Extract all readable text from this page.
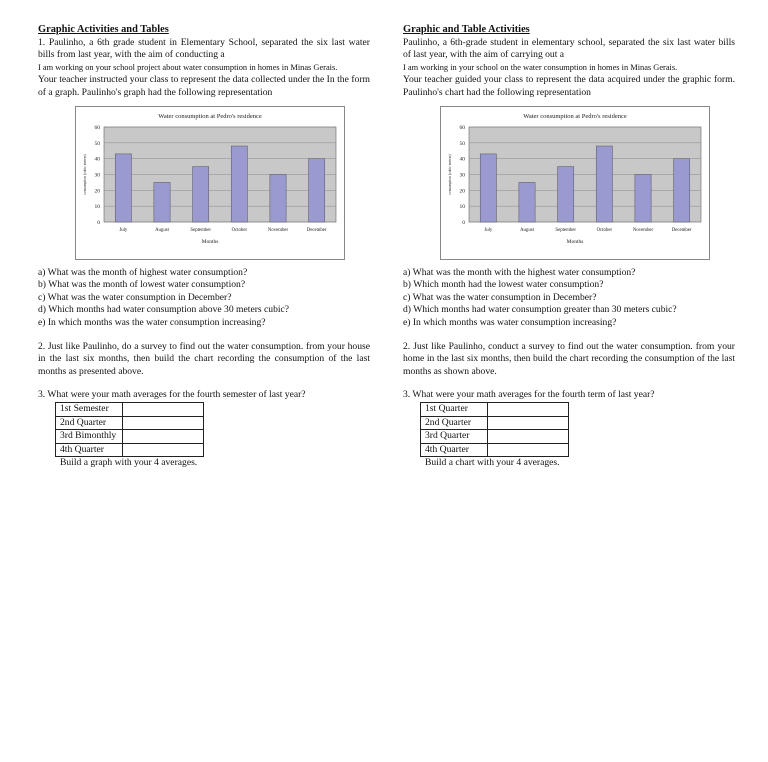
Graphic Activities and Tables
1. Paulinho, a 6th grade student in Elementary School, separated the six last water bills from last year, with the aim of conducting a
I am working on your school project about water consumption in homes in Minas Gerais.
Your teacher instructed your class to represent the data collected under the In the form of a graph. Paulinho's graph had the following representation
Water consumption at Pedro's residence
0
10
20
30
40
50
60
July	August	September	October	November	December
Months
consumption (cubic meters)
a) What was the month of highest water consumption?
b) What was the month of lowest water consumption?
c) What was the water consumption in December?
d) Which months had water consumption above 30 meters cubic?
e) In which months was the water consumption increasing?
2. Just like Paulinho, do a survey to find out the water consumption. from your house in the last six months, then build the chart recording the consumption of the last months as presented above.
3. What were your math averages for the fourth semester of last year?
1st Semester	
2nd Quarter	
3rd Bimonthly	
4th Quarter	
Build a graph with your 4 averages.
Graphic and Table Activities
Paulinho, a 6th-grade student in elementary school, separated the six last water bills of last year, with the aim of carrying out a
I am working in your school on the water consumption in homes in Minas Gerais.
Your teacher guided your class to represent the data acquired under the graphic form. Paulinho's chart had the following representation
Water consumption at Pedro's residence
0
10
20
30
40
50
60
July	August	September	October	November	December
Months
consumption (cubic meters)
a) What was the month with the highest water consumption?
b) Which month had the lowest water consumption?
c) What was the water consumption in December?
d) Which months had water consumption greater than 30 meters cubic?
e) In which months was water consumption increasing?
2. Just like Paulinho, conduct a survey to find out the water consumption. from your home in the last six months, then build the chart recording the consumption of the last months as shown above.
3. What were your math averages for the fourth term of last year?
1st Quarter	
2nd Quarter	
3rd Quarter	
4th Quarter	
Build a chart with your 4 averages.
